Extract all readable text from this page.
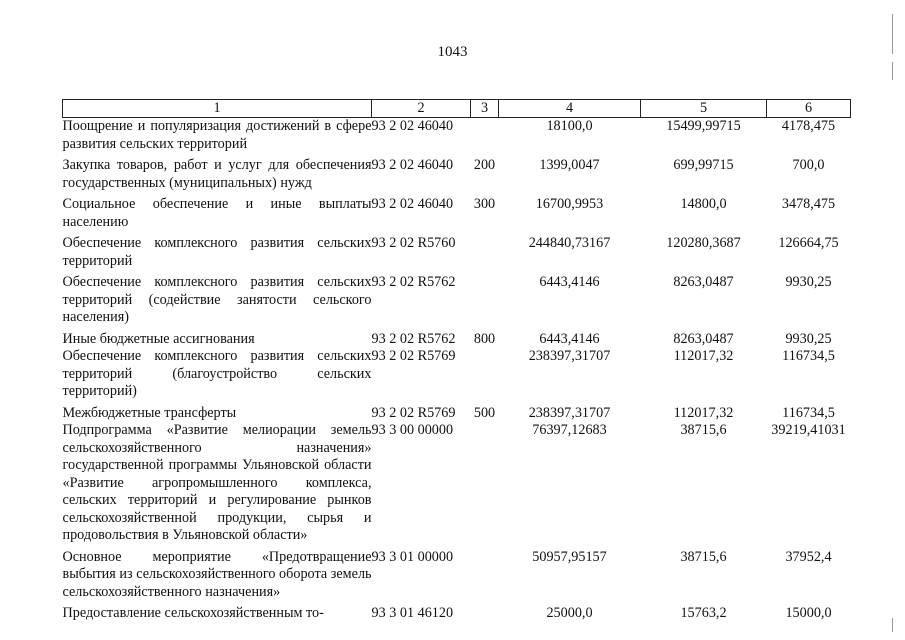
1043
1	2	3	4	5	6
Поощрение и популяризация достижений в сфере развития сельских территорий	93 2 02 46040		18100,0	15499,99715	4178,475
Закупка товаров, работ и услуг для обеспечения государственных (муниципальных) нужд	93 2 02 46040	200	1399,0047	699,99715	700,0
Социальное обеспечение и иные выплаты населению	93 2 02 46040	300	16700,9953	14800,0	3478,475
Обеспечение комплексного развития сельских территорий	93 2 02 R5760		244840,73167	120280,3687	126664,75
Обеспечение комплексного развития сельских территорий (содействие занятости сельского населения)	93 2 02 R5762		6443,4146	8263,0487	9930,25
Иные бюджетные ассигнования	93 2 02 R5762	800	6443,4146	8263,0487	9930,25
Обеспечение комплексного развития сельских территорий (благоустройство сельских территорий)	93 2 02 R5769		238397,31707	112017,32	116734,5
Межбюджетные трансферты	93 2 02 R5769	500	238397,31707	112017,32	116734,5
Подпрограмма «Развитие мелиорации земель сельскохозяйственного назначения» государственной программы Ульяновской области «Развитие агропромышленного комплекса, сельских территорий и регулирование рынков сельскохозяйственной продукции, сырья и продовольствия в Ульяновской области»	93 3 00 00000		76397,12683	38715,6	39219,41031
Основное мероприятие «Предотвращение выбытия из сельскохозяйственного оборота земель сельскохозяйственного назначения»	93 3 01 00000		50957,95157	38715,6	37952,4
Предоставление сельскохозяйственным то-	93 3 01 46120		25000,0	15763,2	15000,0
